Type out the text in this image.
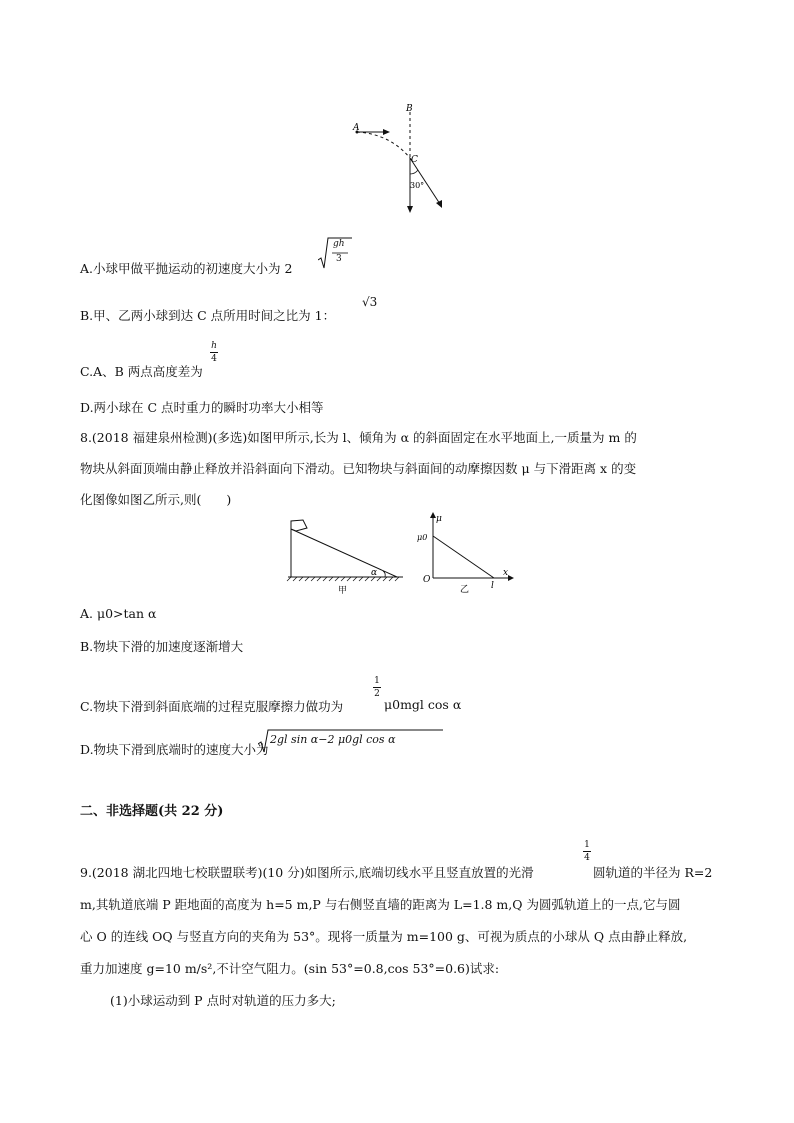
A
B
C
30°
A.小球甲做平抛运动的初速度大小为 2
gh
3
B.甲、乙两小球到达 C 点所用时间之比为 1：
√3
C.A、B 两点高度差为
h
4
D.两小球在 C 点时重力的瞬时功率大小相等
8.(2018 福建泉州检测)(多选)如图甲所示,长为 l、倾角为 α 的斜面固定在水平地面上,一质量为 m 的
物块从斜面顶端由静止释放并沿斜面向下滑动。已知物块与斜面间的动摩擦因数 μ 与下滑距离 x 的变
化图像如图乙所示,则(　　)
α
甲
μ
μ0
O
x
l
乙
A. μ0>tan α
B.物块下滑的加速度逐渐增大
C.物块下滑到斜面底端的过程克服摩擦力做功为
1
2
μ0mgl cos α
D.物块下滑到底端时的速度大小为
2gl sin α−2 μ0gl cos α
二、非选择题(共 22 分)
9.(2018 湖北四地七校联盟联考)(10 分)如图所示,底端切线水平且竖直放置的光滑
1
4
圆轨道的半径为 R=2
m,其轨道底端 P 距地面的高度为 h=5 m,P 与右侧竖直墙的距离为 L=1.8 m,Q 为圆弧轨道上的一点,它与圆
心 O 的连线 OQ 与竖直方向的夹角为 53°。现将一质量为 m=100 g、可视为质点的小球从 Q 点由静止释放,
重力加速度 g=10 m/s²,不计空气阻力。(sin 53°=0.8,cos 53°=0.6)试求:
(1)小球运动到 P 点时对轨道的压力多大;
